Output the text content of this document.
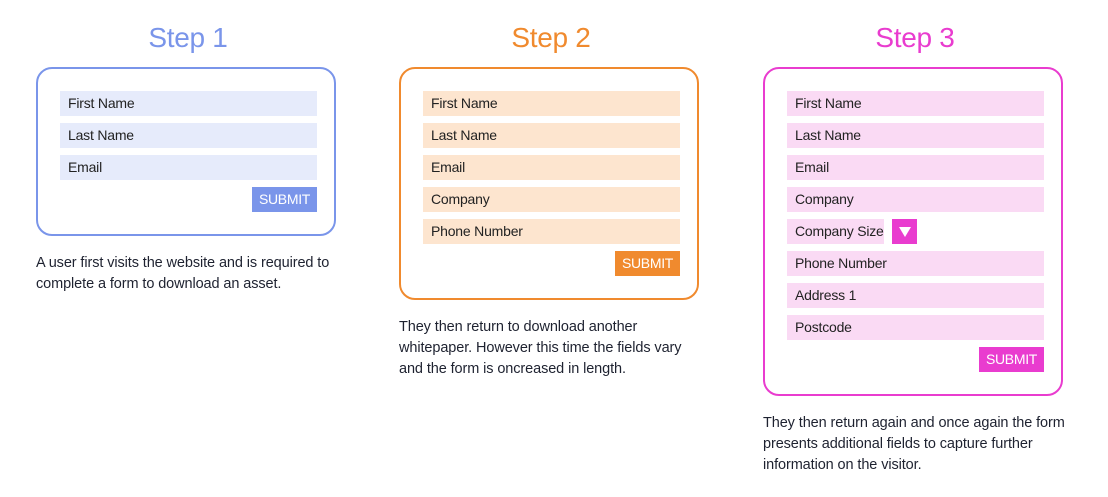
Step 1
First Name
Last Name
Email
SUBMIT
A user first visits the website and is required to complete a form to download an asset.
Step 2
First Name
Last Name
Email
Company
Phone Number
SUBMIT
They then return to download another whitepaper. However this time the fields vary and the form is oncreased in length.
Step 3
First Name
Last Name
Email
Company
Company Size
Phone Number
Address 1
Postcode
SUBMIT
They then return again and once again the form presents additional fields to capture further information on the visitor.
